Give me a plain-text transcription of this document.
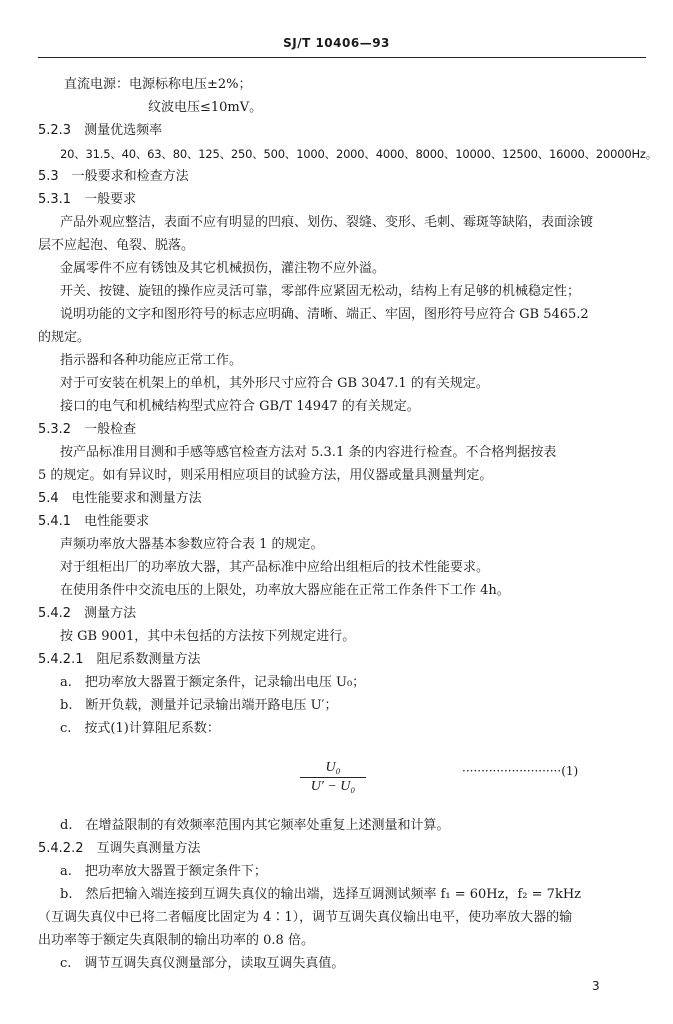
SJ/T 10406—93
直流电源：电源标称电压±2%；
纹波电压≤10mV。
5.2.3　测量优选频率
20、31.5、40、63、80、125、250、500、1000、2000、4000、8000、10000、12500、16000、20000Hz。
5.3　一般要求和检查方法
5.3.1　一般要求
产品外观应整洁，表面不应有明显的凹痕、划伤、裂缝、变形、毛刺、霉斑等缺陷，表面涂镀
层不应起泡、龟裂、脱落。
金属零件不应有锈蚀及其它机械损伤，灌注物不应外溢。
开关、按键、旋钮的操作应灵活可靠，零部件应紧固无松动，结构上有足够的机械稳定性；
说明功能的文字和图形符号的标志应明确、清晰、端正、牢固，图形符号应符合 GB 5465.2
的规定。
指示器和各种功能应正常工作。
对于可安装在机架上的单机，其外形尺寸应符合 GB 3047.1 的有关规定。
接口的电气和机械结构型式应符合 GB/T 14947 的有关规定。
5.3.2　一般检查
按产品标准用目测和手感等感官检查方法对 5.3.1 条的内容进行检查。不合格判据按表
5 的规定。如有异议时，则采用相应项目的试验方法，用仪器或量具测量判定。
5.4　电性能要求和测量方法
5.4.1　电性能要求
声频功率放大器基本参数应符合表 1 的规定。
对于组柜出厂的功率放大器，其产品标准中应给出组柜后的技术性能要求。
在使用条件中交流电压的上限处，功率放大器应能在正常工作条件下工作 4h。
5.4.2　测量方法
按 GB 9001，其中未包括的方法按下列规定进行。
5.4.2.1　阻尼系数测量方法
a.　把功率放大器置于额定条件，记录输出电压 U₀；
b.　断开负载，测量并记录输出端开路电压 U′；
c.　按式(1)计算阻尼系数：
$\frac{\text{U₀}}{\text{U′ − U₀}}$	··························(1)
d.　在增益限制的有效频率范围内其它频率处重复上述测量和计算。
5.4.2.2　互调失真测量方法
a.　把功率放大器置于额定条件下；
b.　然后把输入端连接到互调失真仪的输出端，选择互调测试频率 f₁ = 60Hz，f₂ = 7kHz
（互调失真仪中已将二者幅度比固定为 4∶1），调节互调失真仪输出电平，使功率放大器的输
出功率等于额定失真限制的输出功率的 0.8 倍。
c.　调节互调失真仪测量部分，读取互调失真值。
3
